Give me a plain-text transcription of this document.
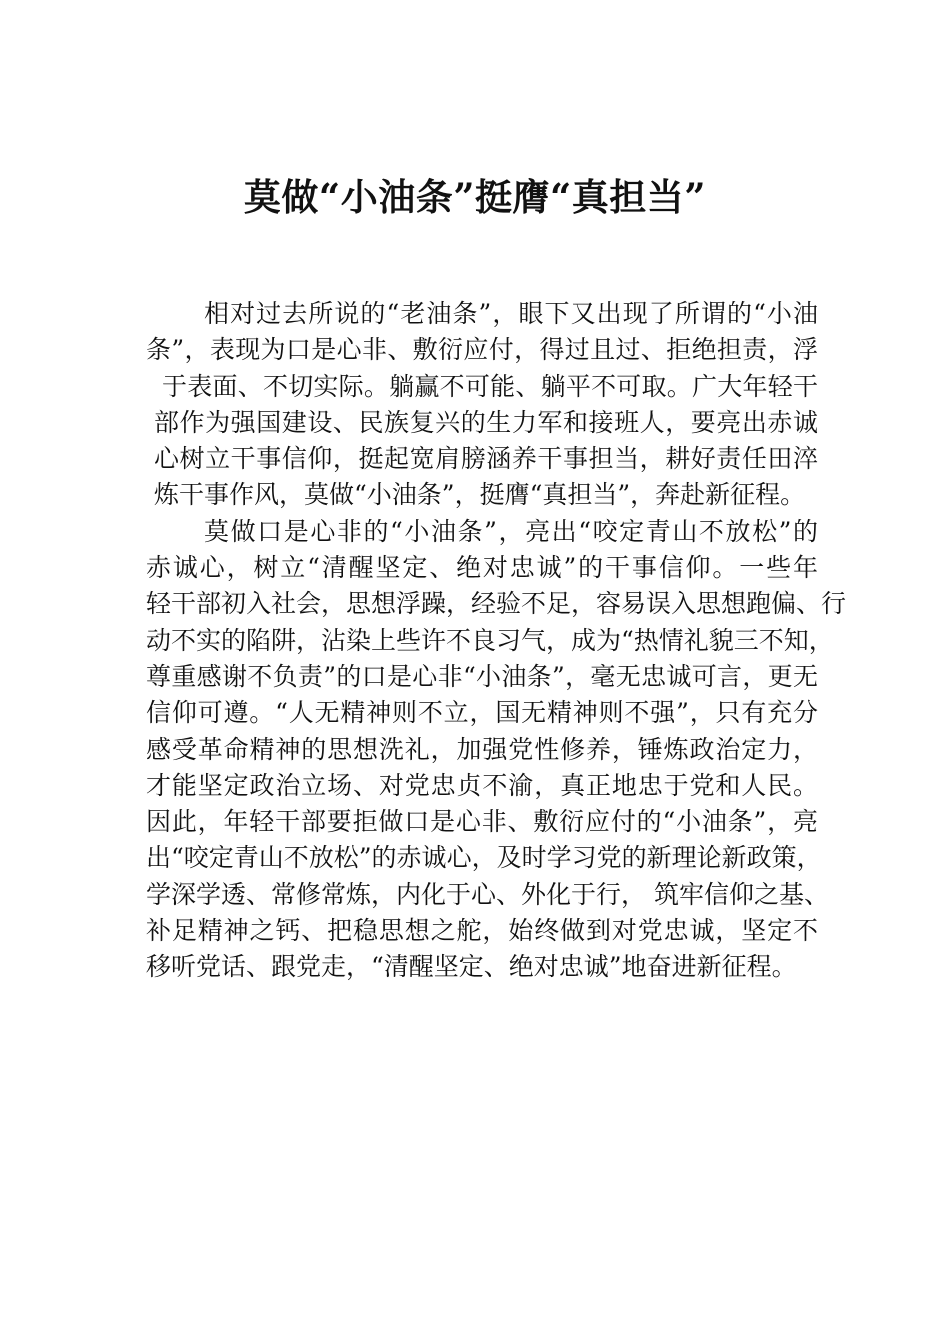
莫做“小油条”挺膺“真担当”
相对过去所说的“老油条”，眼下又出现了所谓的“小油
条”，表现为口是心非、敷衍应付，得过且过、拒绝担责，浮
于表面、不切实际。躺赢不可能、躺平不可取。广大年轻干
部作为强国建设、民族复兴的生力军和接班人，要亮出赤诚
心树立干事信仰，挺起宽肩膀涵养干事担当，耕好责任田淬
炼干事作风，莫做“小油条”，挺膺“真担当”，奔赴新征程。
莫做口是心非的“小油条”，亮出“咬定青山不放松”的
赤诚心，树立“清醒坚定、绝对忠诚”的干事信仰。一些年
轻干部初入社会，思想浮躁，经验不足，容易误入思想跑偏、行
动不实的陷阱，沾染上些许不良习气，成为“热情礼貌三不知，
尊重感谢不负责”的口是心非“小油条”，毫无忠诚可言，更无
信仰可遵。“人无精神则不立，国无精神则不强”，只有充分
感受革命精神的思想洗礼，加强党性修养，锤炼政治定力，
才能坚定政治立场、对党忠贞不渝，真正地忠于党和人民。
因此，年轻干部要拒做口是心非、敷衍应付的“小油条”，亮
出“咬定青山不放松”的赤诚心，及时学习党的新理论新政策，
学深学透、常修常炼，内化于心、外化于行， 筑牢信仰之基、
补足精神之钙、把稳思想之舵，始终做到对党忠诚，坚定不
移听党话、跟党走，“清醒坚定、绝对忠诚”地奋进新征程。
